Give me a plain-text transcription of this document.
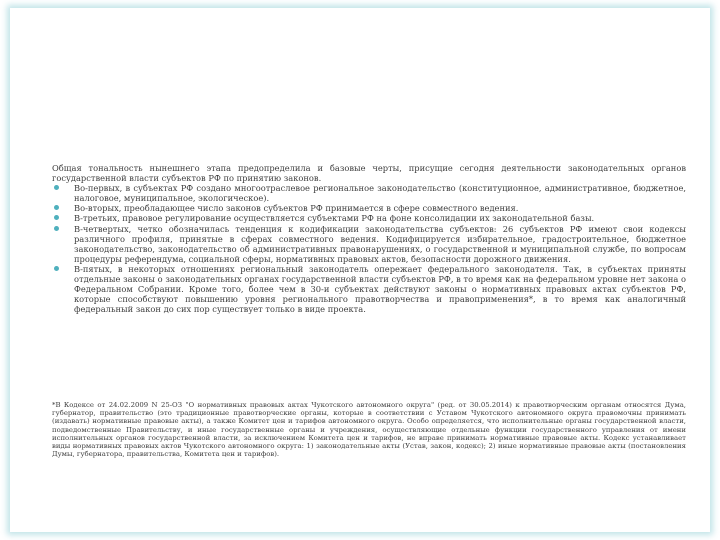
Общая тональность нынешнего этапа предопределила и базовые черты, присущие сегодня деятельности законодательных органов государственной власти субъектов РФ по принятию законов.

Во-первых, в субъектах РФ создано многоотраслевое региональное законодательство (конституционное, административное, бюджетное, налоговое, муниципальное, экологическое).
Во-вторых, преобладающее число законов субъектов РФ принимается в сфере совместного ведения.
В-третьих, правовое регулирование осуществляется субъектами РФ на фоне консолидации их законодательной базы.
В-четвертых, четко обозначилась тенденция к кодификации законодательства субъектов: 26 субъектов РФ имеют свои кодексы различного профиля, принятые в сферах совместного ведения. Кодифицируется избирательное, градостроительное, бюджетное законодательство, законодательство об административных правонарушениях, о государственной и муниципальной службе, по вопросам процедуры референдума, социальной сферы, нормативных правовых актов, безопасности дорожного движения.
В-пятых, в некоторых отношениях региональный законодатель опережает федерального законодателя. Так, в субъектах приняты отдельные законы о законодательных органах государственной власти субъектов РФ, в то время как на федеральном уровне нет закона о Федеральном Собрании. Кроме того, более чем в 30-и субъектах действуют законы о нормативных правовых актах субъектов РФ, которые способствуют повышению уровня регионального правотворчества и правоприменения*, в то время как аналогичный федеральный закон до сих пор существует только в виде проекта.

*В Кодексе от 24.02.2009 N 25-ОЗ "О нормативных правовых актах Чукотского автономного округа" (ред. от 30.05.2014) к правотворческим органам относятся Дума, губернатор, правительство (это традиционные правотворческие органы, которые в соответствии с Уставом Чукотского автономного округа правомочны принимать (издавать) нормативные правовые акты), а также Комитет цен и тарифов автономного округа. Особо определяется, что исполнительные органы государственной власти, подведомственные Правительству, и иные государственные органы и учреждения, осуществляющие отдельные функции государственного управления от имени исполнительных органов государственной власти, за исключением Комитета цен и тарифов, не вправе принимать нормативные правовые акты. Кодекс устанавливает виды нормативных правовых актов Чукотского автономного округа: 1) законодательные акты (Устав, закон, кодекс); 2) иные нормативные правовые акты (постановления Думы, губернатора, правительства, Комитета цен и тарифов).
